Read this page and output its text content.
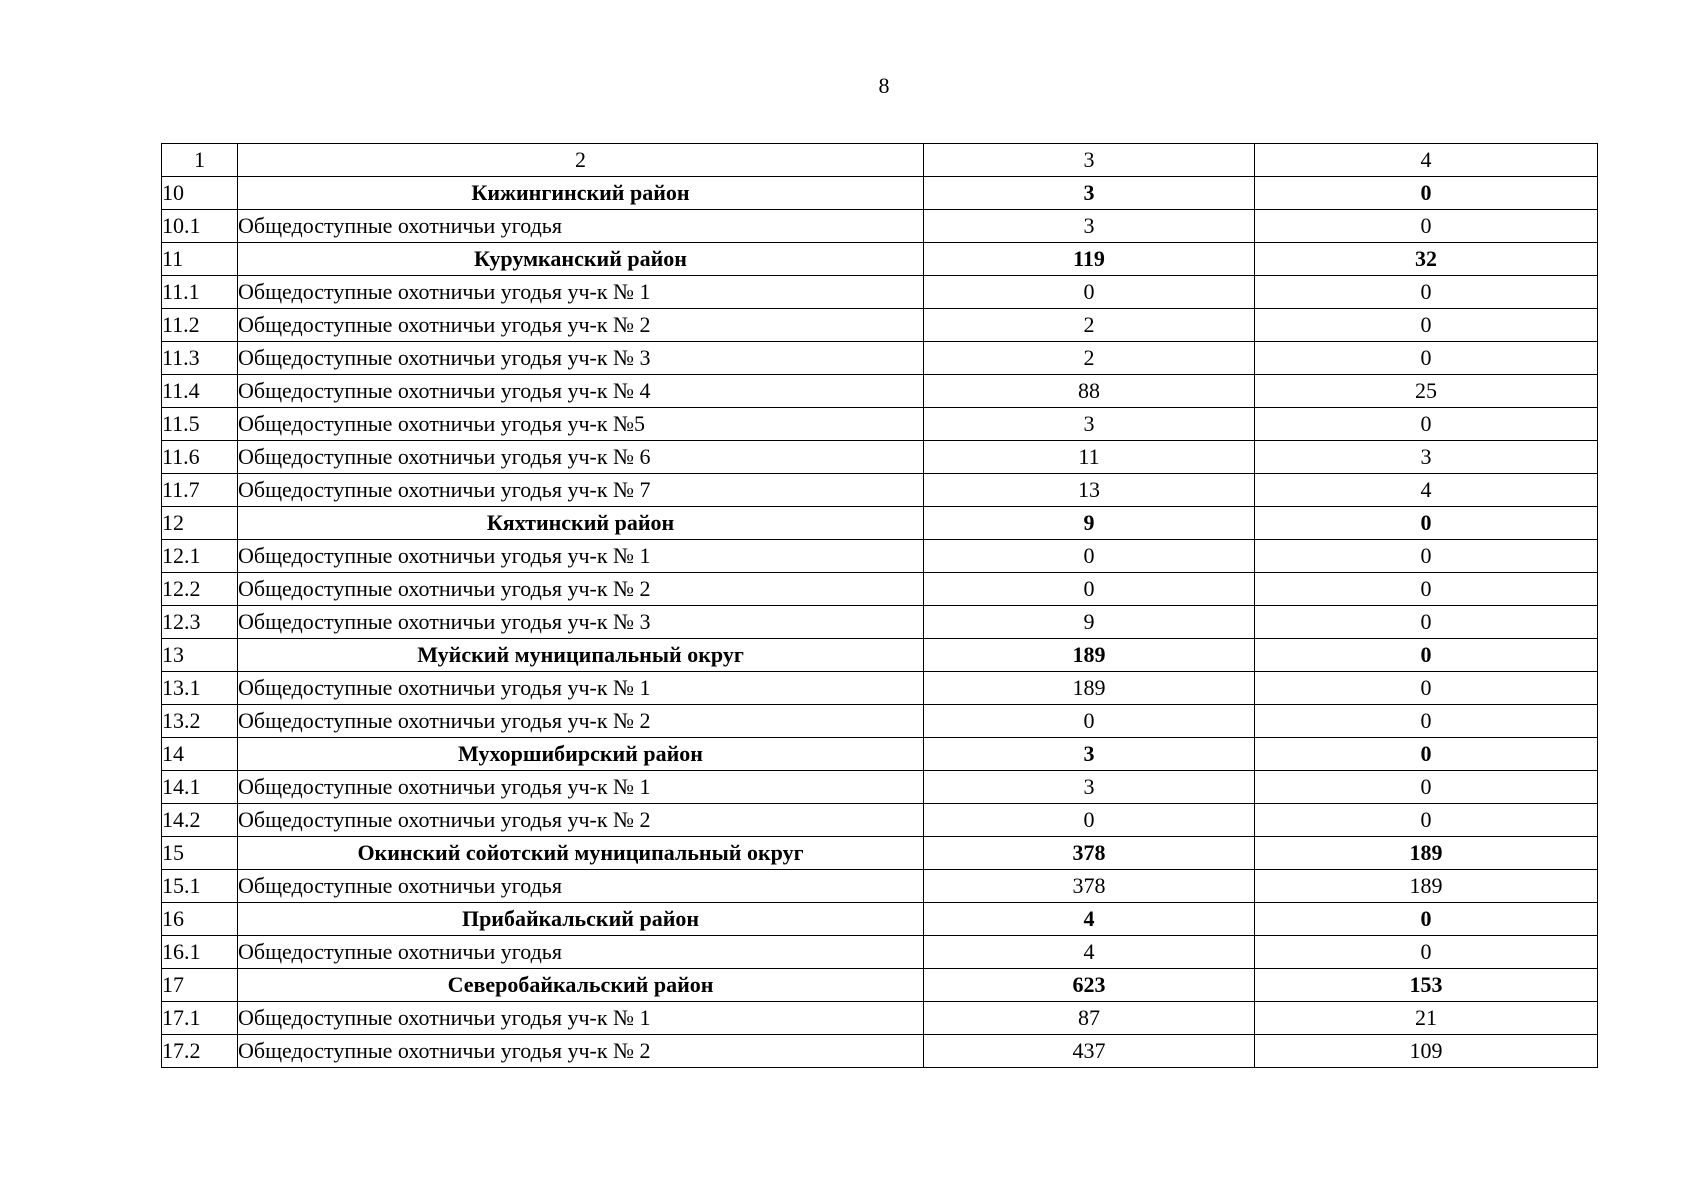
8
1	2	3	4
10	Кижингинский район	3	0
10.1	Общедоступные охотничьи угодья	3	0
11	Курумканский район	119	32
11.1	Общедоступные охотничьи угодья уч-к № 1	0	0
11.2	Общедоступные охотничьи угодья уч-к № 2	2	0
11.3	Общедоступные охотничьи угодья уч-к № 3	2	0
11.4	Общедоступные охотничьи угодья уч-к № 4	88	25
11.5	Общедоступные охотничьи угодья уч-к №5	3	0
11.6	Общедоступные охотничьи угодья уч-к № 6	11	3
11.7	Общедоступные охотничьи угодья уч-к № 7	13	4
12	Кяхтинский район	9	0
12.1	Общедоступные охотничьи угодья уч-к № 1	0	0
12.2	Общедоступные охотничьи угодья уч-к № 2	0	0
12.3	Общедоступные охотничьи угодья уч-к № 3	9	0
13	Муйский муниципальный округ	189	0
13.1	Общедоступные охотничьи угодья уч-к № 1	189	0
13.2	Общедоступные охотничьи угодья уч-к № 2	0	0
14	Мухоршибирский район	3	0
14.1	Общедоступные охотничьи угодья уч-к № 1	3	0
14.2	Общедоступные охотничьи угодья уч-к № 2	0	0
15	Окинский сойотский муниципальный округ	378	189
15.1	Общедоступные охотничьи угодья	378	189
16	Прибайкальский район	4	0
16.1	Общедоступные охотничьи угодья	4	0
17	Северобайкальский район	623	153
17.1	Общедоступные охотничьи угодья уч-к № 1	87	21
17.2	Общедоступные охотничьи угодья уч-к № 2	437	109
